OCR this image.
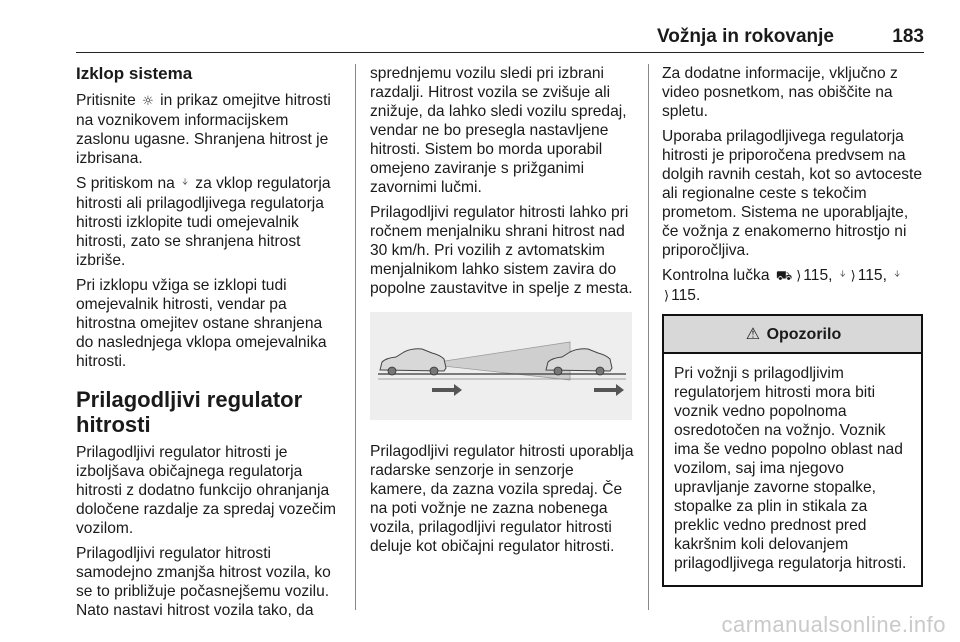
Vožnja in rokovanje	183
Izklop sistema

Pritisnite ☼ in prikaz omejitve hitrosti na voznikovem informacijskem zaslonu ugasne. Shranjena hitrost je izbrisana.

S pritiskom na ᛎ za vklop regulatorja hitrosti ali prilagodljivega regulatorja hitrosti izklopite tudi omejevalnik hitrosti, zato se shranjena hitrost izbriše.

Pri izklopu vžiga se izklopi tudi omejevalnik hitrosti, vendar pa hitrostna omejitev ostane shranjena do naslednjega vklopa omejevalnika hitrosti.

Prilagodljivi regulator hitrosti

Prilagodljivi regulator hitrosti je izboljšava običajnega regulatorja hitrosti z dodatno funkcijo ohranjanja določene razdalje za spredaj vozečim vozilom.

Prilagodljivi regulator hitrosti samodejno zmanjša hitrost vozila, ko se to približuje počasnejšemu vozilu. Nato nastavi hitrost vozila tako, da

sprednjemu vozilu sledi pri izbrani razdalji. Hitrost vozila se zvišuje ali znižuje, da lahko sledi vozilu spredaj, vendar ne bo presegla nastavljene hitrosti. Sistem bo morda uporabil omejeno zaviranje s prižganimi zavornimi lučmi.

Prilagodljivi regulator hitrosti lahko pri ročnem menjalniku shrani hitrost nad 30 km/h. Pri vozilih z avtomatskim menjalnikom lahko sistem zavira do popolne zaustavitve in spelje z mesta.

Prilagodljivi regulator hitrosti uporablja radarske senzorje in senzorje kamere, da zazna vozila spredaj. Če na poti vožnje ne zazna nobenega vozila, prilagodljivi regulator hitrosti deluje kot običajni regulator hitrosti.

Za dodatne informacije, vključno z video posnetkom, nas obiščite na spletu.

Uporaba prilagodljivega regulatorja hitrosti je priporočena predvsem na dolgih ravnih cestah, kot so avtoceste ali regionalne ceste s tekočim prometom. Sistema ne uporabljajte, če vožnja z enakomerno hitrostjo ni priporočljiva.

Kontrolna lučka ⛟ ⟩ 115, ᛎ ⟩ 115, ᛎ
⟩ 115.

⚠ Opozorilo
Pri vožnji s prilagodljivim regulatorjem hitrosti mora biti voznik vedno popolnoma osredotočen na vožnjo. Voznik ima še vedno popolno oblast nad vozilom, saj ima njegovo upravljanje zavorne stopalke, stopalke za plin in stikala za preklic vedno prednost pred kakršnim koli delovanjem prilagodljivega regulatorja hitrosti.
carmanualsonline.info
